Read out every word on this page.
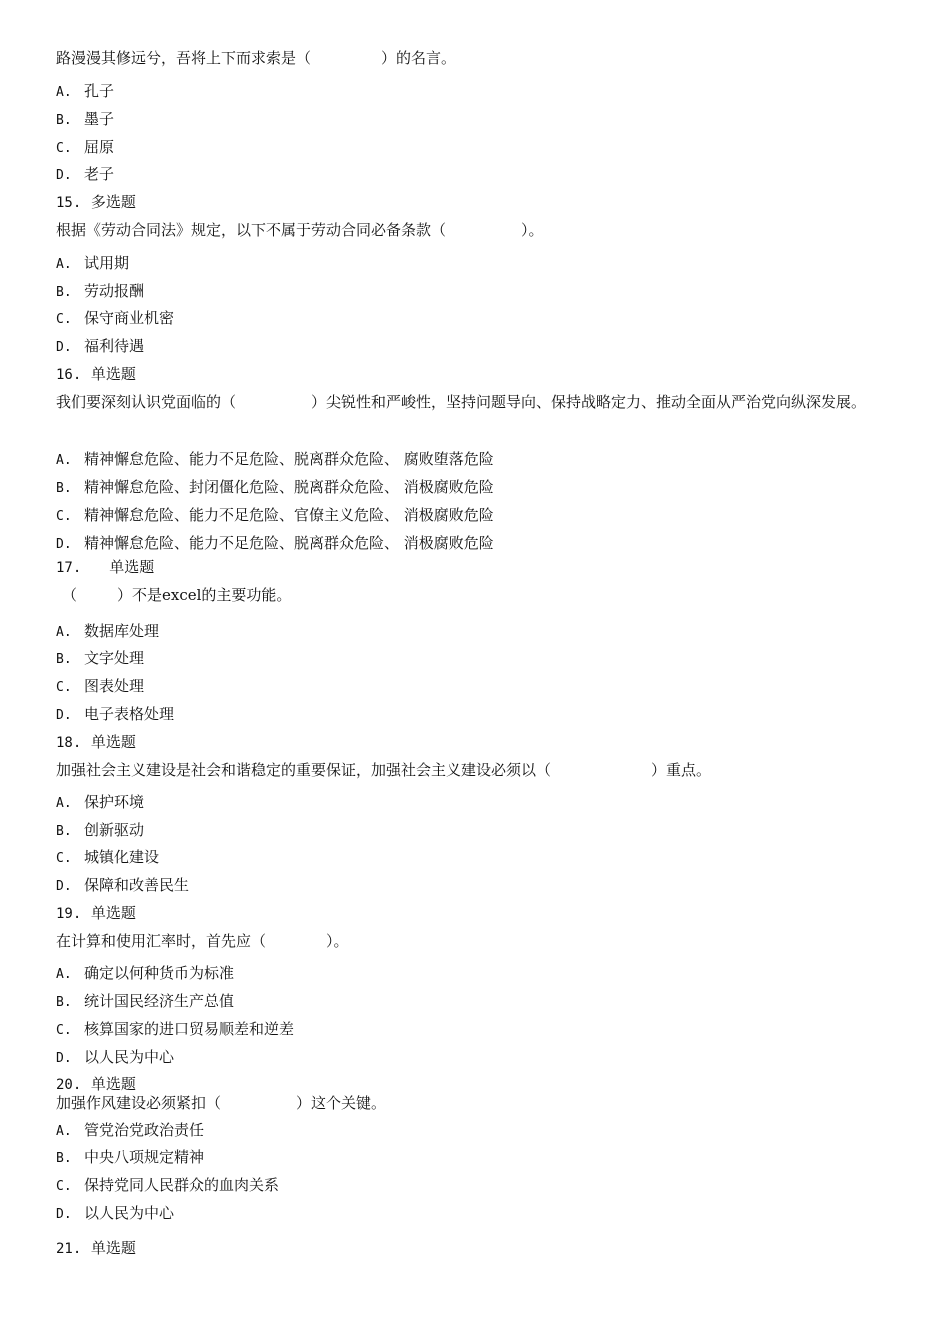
路漫漫其修远兮，吾将上下而求索是（	）的名言。
A. 孔子
B. 墨子
C. 屈原
D. 老子
15. 多选题
根据《劳动合同法》规定，以下不属于劳动合同必备条款（	）。
A. 试用期
B. 劳动报酬
C. 保守商业机密
D. 福利待遇
16. 单选题
我们要深刻认识党面临的（	）尖锐性和严峻性，坚持问题导向、保持战略定力、推动全面从严治党向纵深发展。
A. 精神懈怠危险、能力不足危险、脱离群众危险、 腐败堕落危险
B. 精神懈怠危险、封闭僵化危险、脱离群众危险、 消极腐败危险
C. 精神懈怠危险、能力不足危险、官僚主义危险、 消极腐败危险
D. 精神懈怠危险、能力不足危险、脱离群众危险、 消极腐败危险
17. 单选题
（	）不是excel的主要功能。
A. 数据库处理
B. 文字处理
C. 图表处理
D. 电子表格处理
18. 单选题
加强社会主义建设是社会和谐稳定的重要保证，加强社会主义建设必须以（	）重点。
A. 保护环境
B. 创新驱动
C. 城镇化建设
D. 保障和改善民生
19. 单选题
在计算和使用汇率时，首先应（	）。
A. 确定以何种货币为标准
B. 统计国民经济生产总值
C. 核算国家的进口贸易顺差和逆差
D. 以人民为中心
20. 单选题
加强作风建设必须紧扣（	）这个关键。
A. 管党治党政治责任
B. 中央八项规定精神
C. 保持党同人民群众的血肉关系
D. 以人民为中心
21. 单选题
